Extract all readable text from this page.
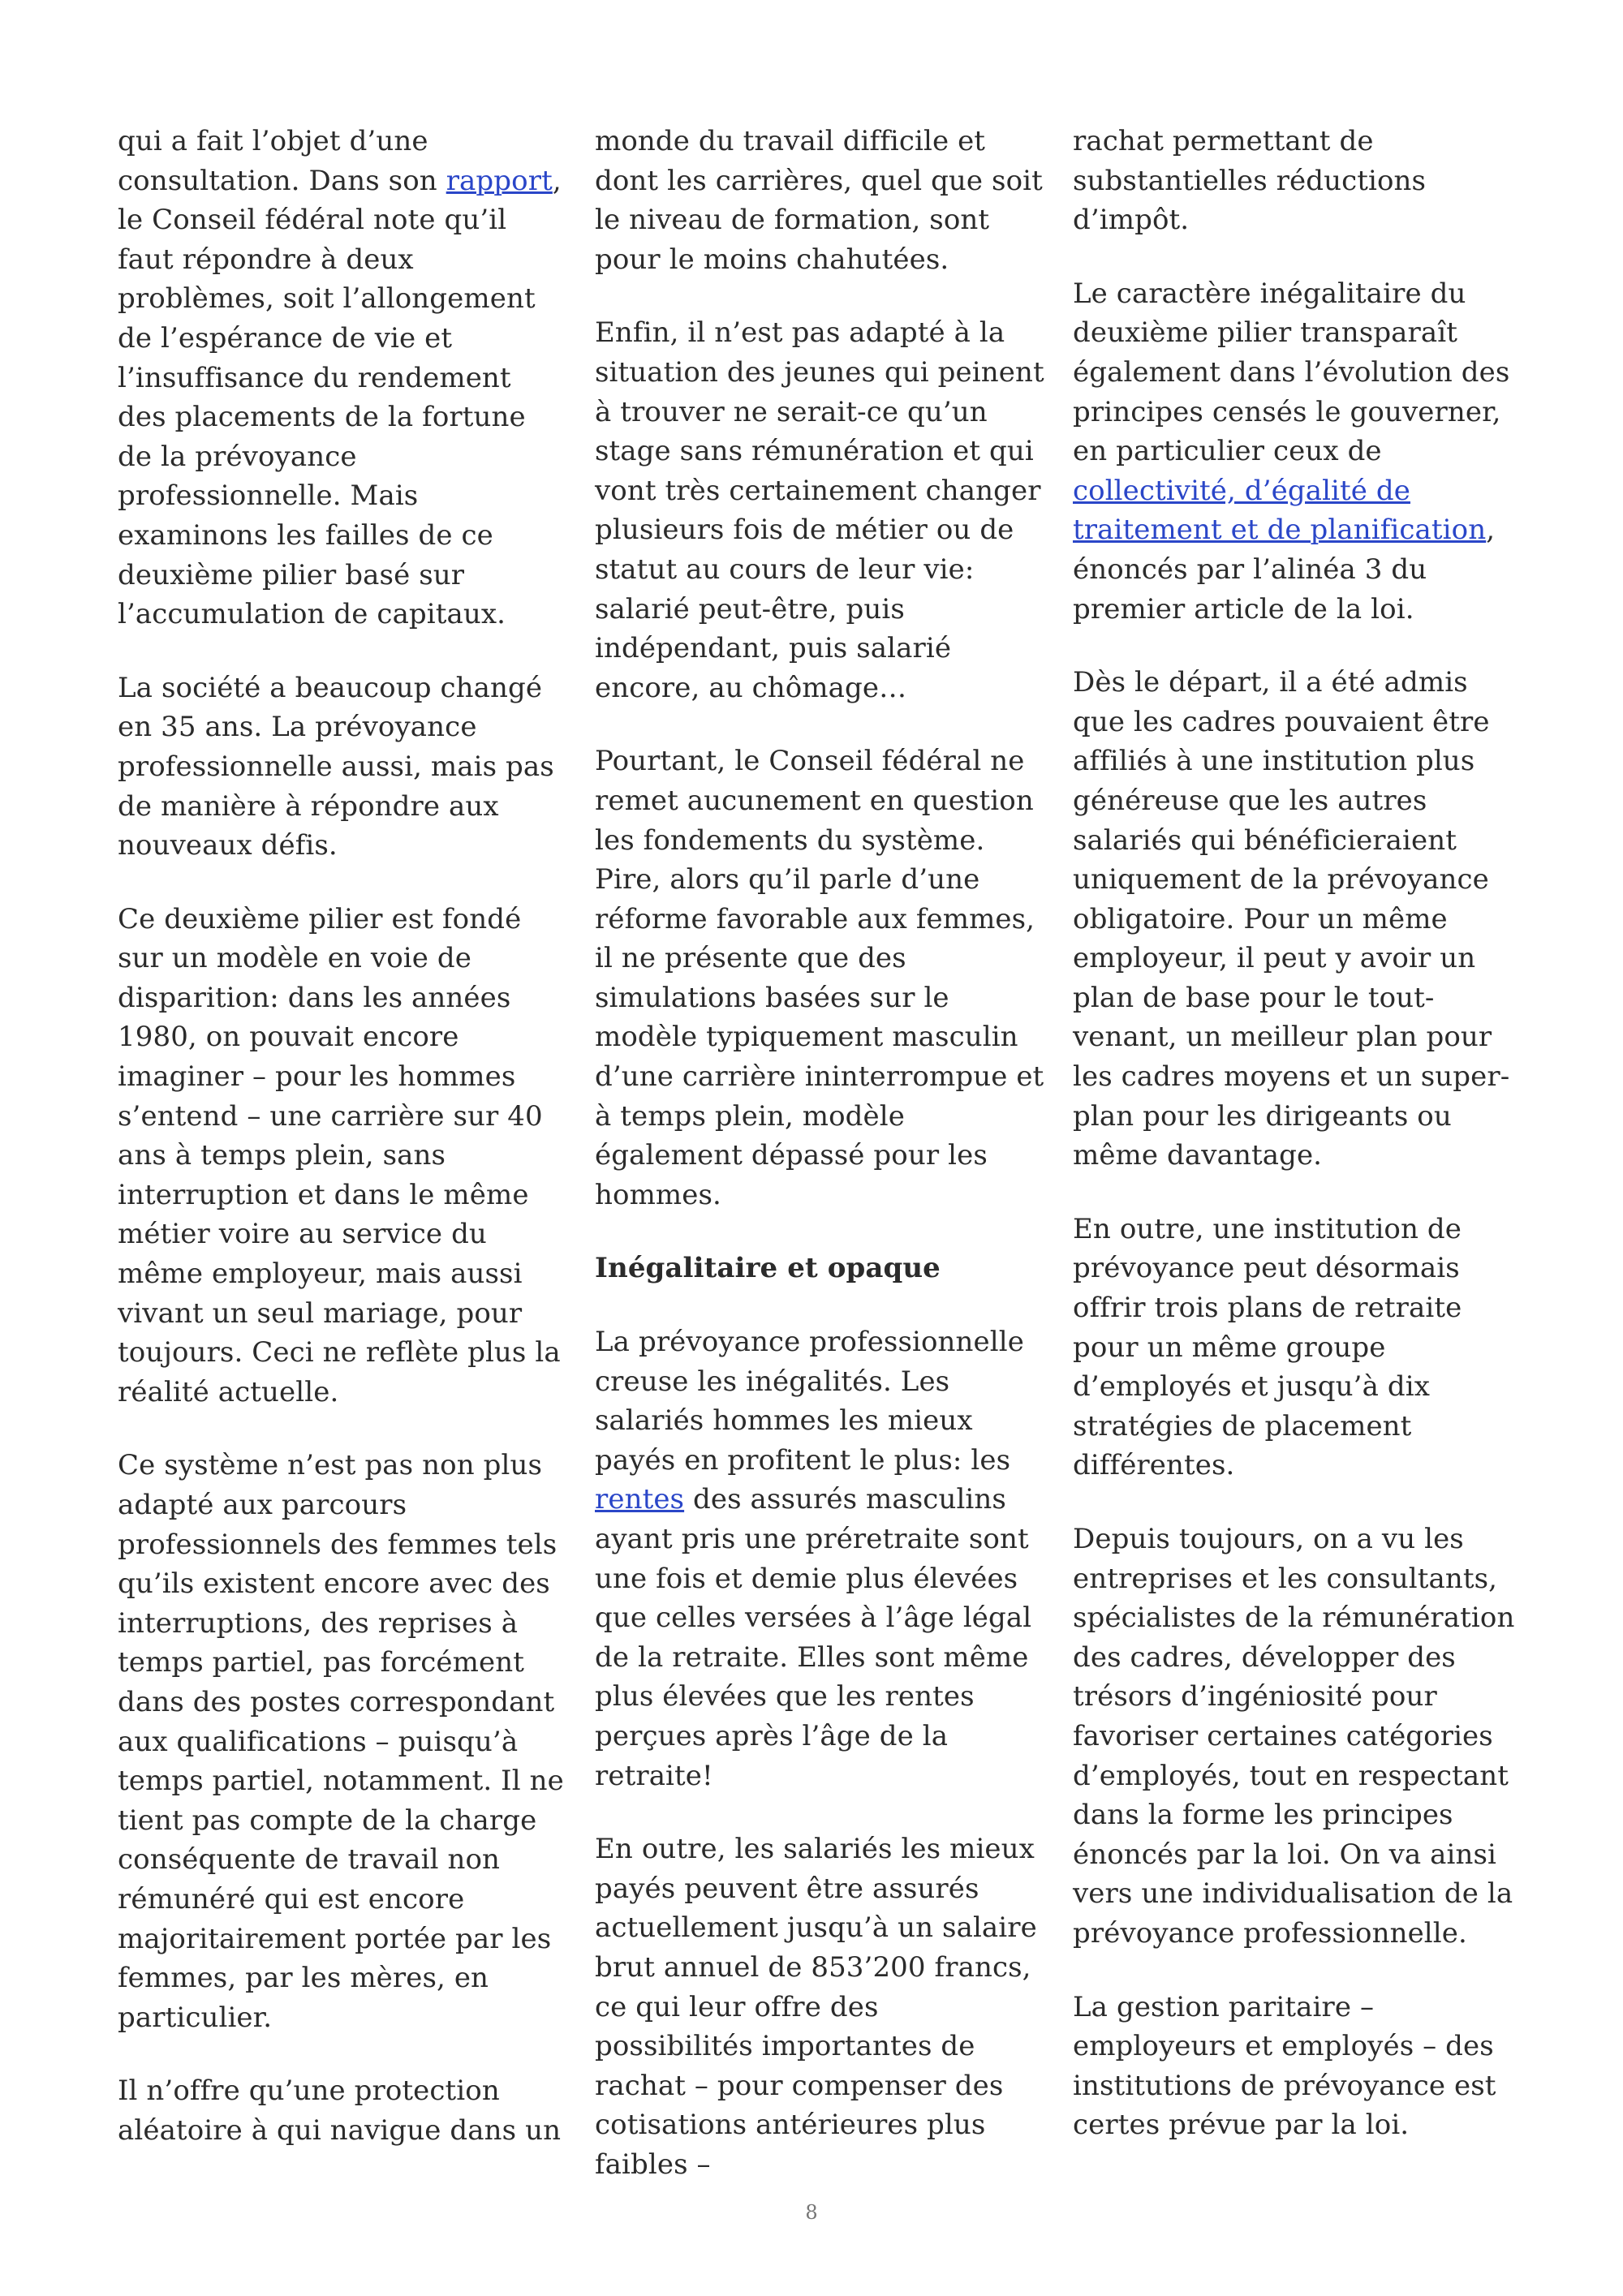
qui a fait l’objet d’une consultation. Dans son rapport, le Conseil fédéral note qu’il faut répondre à deux problèmes, soit l’allongement de l’espérance de vie et l’insuffisance du rendement des placements de la fortune de la prévoyance professionnelle. Mais examinons les failles de ce deuxième pilier basé sur l’accumulation de capitaux.

La société a beaucoup changé en 35 ans. La prévoyance professionnelle aussi, mais pas de manière à répondre aux nouveaux défis.

Ce deuxième pilier est fondé sur un modèle en voie de disparition: dans les années 1980, on pouvait encore imaginer – pour les hommes s’entend – une carrière sur 40 ans à temps plein, sans interruption et dans le même métier voire au service du même employeur, mais aussi vivant un seul mariage, pour toujours. Ceci ne reflète plus la réalité actuelle.

Ce système n’est pas non plus adapté aux parcours professionnels des femmes tels qu’ils existent encore avec des interruptions, des reprises à temps partiel, pas forcément dans des postes correspondant aux qualifications – puisqu’à temps partiel, notamment. Il ne tient pas compte de la charge conséquente de travail non rémunéré qui est encore majoritairement portée par les femmes, par les mères, en particulier.

Il n’offre qu’une protection aléatoire à qui navigue dans un

monde du travail difficile et dont les carrières, quel que soit le niveau de formation, sont pour le moins chahutées.

Enfin, il n’est pas adapté à la situation des jeunes qui peinent à trouver ne serait-ce qu’un stage sans rémunération et qui vont très certainement changer plusieurs fois de métier ou de statut au cours de leur vie: salarié peut-être, puis indépendant, puis salarié encore, au chômage…

Pourtant, le Conseil fédéral ne remet aucunement en question les fondements du système. Pire, alors qu’il parle d’une réforme favorable aux femmes, il ne présente que des simulations basées sur le modèle typiquement masculin d’une carrière ininterrompue et à temps plein, modèle également dépassé pour les hommes.

Inégalitaire et opaque

La prévoyance professionnelle creuse les inégalités. Les salariés hommes les mieux payés en profitent le plus: les rentes des assurés masculins ayant pris une préretraite sont une fois et demie plus élevées que celles versées à l’âge légal de la retraite. Elles sont même plus élevées que les rentes perçues après l’âge de la retraite!

En outre, les salariés les mieux payés peuvent être assurés actuellement jusqu’à un salaire brut annuel de 853’200 francs, ce qui leur offre des possibilités importantes de rachat – pour compenser des cotisations antérieures plus faibles –

rachat permettant de substantielles réductions d’impôt.

Le caractère inégalitaire du deuxième pilier transparaît également dans l’évolution des principes censés le gouverner, en particulier ceux de collectivité, d’égalité de traitement et de planification, énoncés par l’alinéa 3 du premier article de la loi.

Dès le départ, il a été admis que les cadres pouvaient être affiliés à une institution plus généreuse que les autres salariés qui bénéficieraient uniquement de la prévoyance obligatoire. Pour un même employeur, il peut y avoir un plan de base pour le tout-venant, un meilleur plan pour les cadres moyens et un super-plan pour les dirigeants ou même davantage.

En outre, une institution de prévoyance peut désormais offrir trois plans de retraite pour un même groupe d’employés et jusqu’à dix stratégies de placement différentes.

Depuis toujours, on a vu les entreprises et les consultants, spécialistes de la rémunération des cadres, développer des trésors d’ingéniosité pour favoriser certaines catégories d’employés, tout en respectant dans la forme les principes énoncés par la loi. On va ainsi vers une individualisation de la prévoyance professionnelle.

La gestion paritaire – employeurs et employés – des institutions de prévoyance est certes prévue par la loi.

8
